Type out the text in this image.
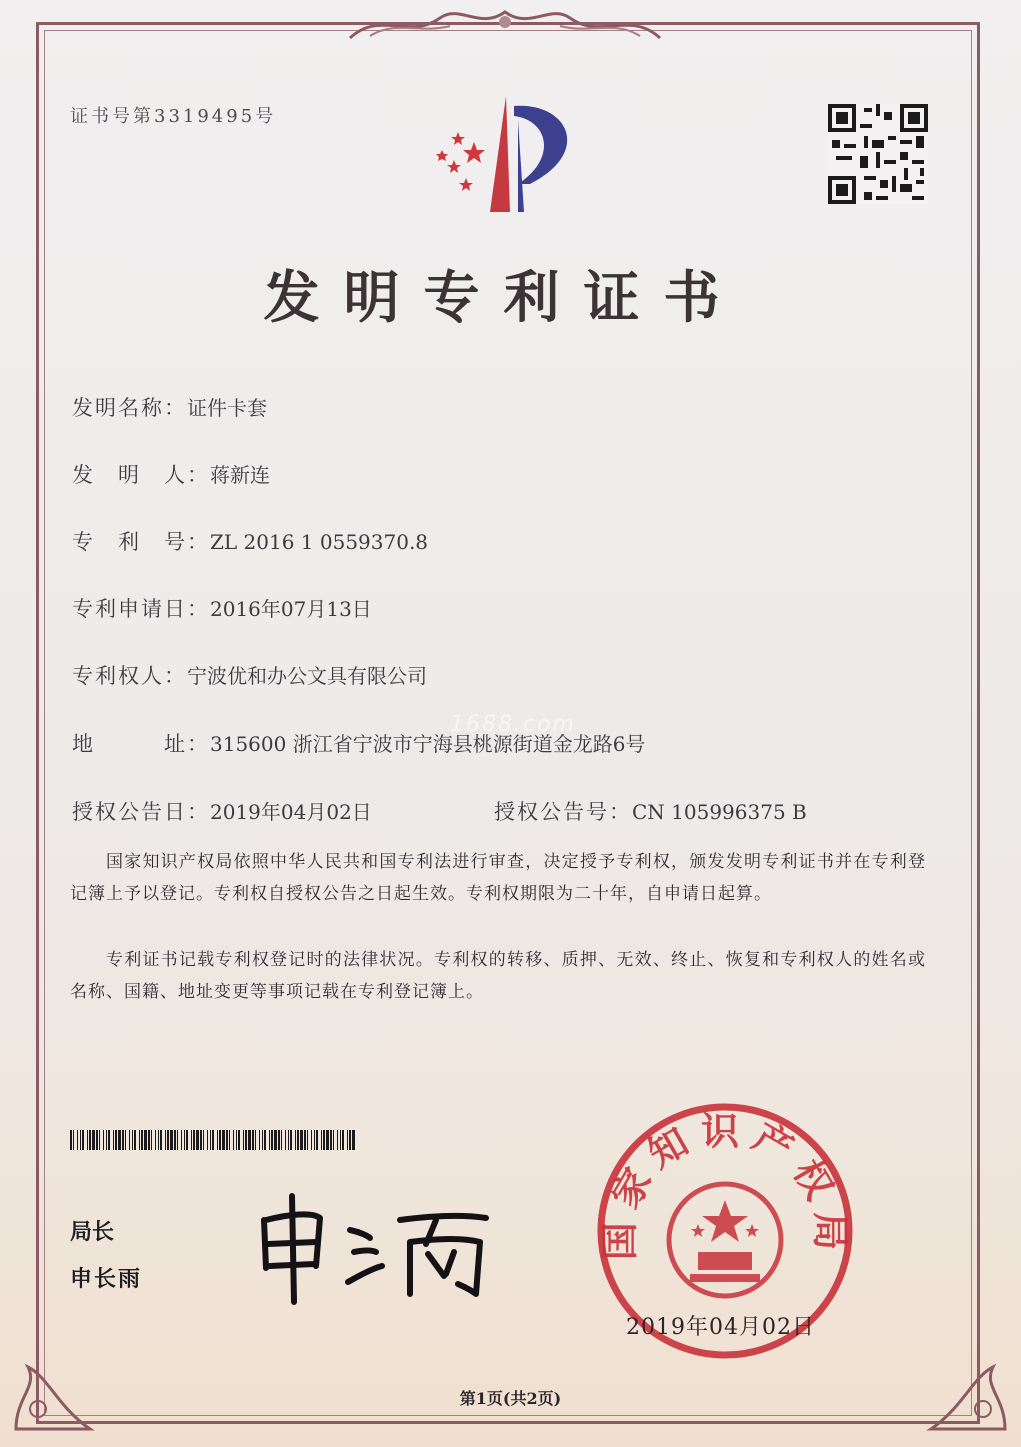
证书号第3319495号
发明专利证书
发明名称：证件卡套
发　明　人：蒋新连
专　利　号：ZL 2016 1 0559370.8
专利申请日：2016年07月13日
专利权人：宁波优和办公文具有限公司
地　　　址：315600 浙江省宁波市宁海县桃源街道金龙路6号
授权公告日：2019年04月02日	授权公告号：CN 105996375 B
1688.com
国家知识产权局依照中华人民共和国专利法进行审查，决定授予专利权，颁发发明专利证书并在专利登记簿上予以登记。专利权自授权公告之日起生效。专利权期限为二十年，自申请日起算。
专利证书记载专利权登记时的法律状况。专利权的转移、质押、无效、终止、恢复和专利权人的姓名或名称、国籍、地址变更等事项记载在专利登记簿上。
局长
申长雨
国家知识产权局
2019年04月02日
第1页(共2页)
